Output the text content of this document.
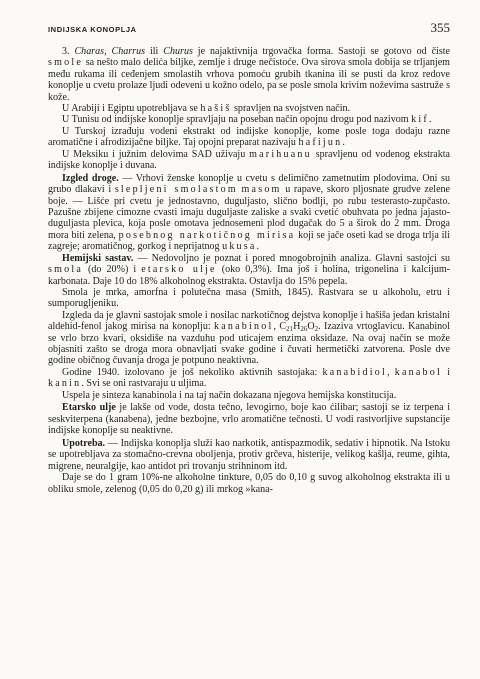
INDIJSKA KONOPLJA	355

3. Charas, Charrus ili Churus je najaktivnija trgovačka forma. Sastoji se gotovo od čiste smole sa nešto malo delića biljke, zemlje i druge nečistoće. Ova sirova smola dobija se trljanjem među rukama ili ceđenjem smolastih vrhova pomoću grubih tkanina ili se pusti da kroz redove konoplje u cvetu prolaze ljudi odeveni u kožno odelo, pa se posle smola krivim noževima sastruže s kože.

U Arabiji i Egiptu upotrebljava se hašiš spravljen na svojstven način.

U Tunisu od indijske konoplje spravljaju na poseban način opojnu drogu pod nazivom kif.

U Turskoj izrađuju vodeni ekstrakt od indijske konoplje, kome posle toga dodaju razne aromatične i afrodizijačne biljke. Taj opojni preparat nazivaju hafijun.

U Meksiku i južnim delovima SAD uživaju marihuanu spravljenu od vodenog ekstrakta indijske konoplje i duvana.

Izgled droge. — Vrhovi ženske konoplje u cvetu s delimično zametnutim plodovima. Oni su grubo dlakavi i slepljeni smolastom masom u rapave, skoro pljosnate grudve zelene boje. — Lišće pri cvetu je jednostavno, duguljasto, slično bodlji, po rubu testerasto-zupčasto. Pazušne zbijene cimozne cvasti imaju duguljaste zaliske a svaki cvetić obuhvata po jedna jajasto-duguljasta plevica, koja posle omotava jednosemeni plod dugačak do 5 a širok do 2 mm. Droga mora biti zelena, posebnog narkotičnog mirisa koji se jače oseti kad se droga trlja ili zagreje; aromatičnog, gorkog i neprijatnog ukusa.

Hemijski sastav. — Nedovoljno je poznat i pored mnogobrojnih analiza. Glavni sastojci su smola (do 20%) i etarsko ulje (oko 0,3%). Ima još i holina, trigonelina i kalcijum-karbonata. Daje 10 do 18% alkoholnog ekstrakta. Ostavlja do 15% pepela.

Smola je mrka, amorfna i polutečna masa (Smith, 1845). Rastvara se u alkoholu, etru i sumporugljeniku.

Izgleda da je glavni sastojak smole i nosilac narkotičnog dejstva konoplje i hašiša jedan kristalni aldehid-fenol jakog mirisa na konoplju: kanabinol, $C_{21}H_{26}O_2$. Izaziva vrtoglavicu. Kanabinol se vrlo brzo kvari, oksidiše na vazduhu pod uticajem enzima oksidaze. Na ovaj način se može objasniti zašto se droga mora obnavljati svake godine i čuvati hermetički zatvorena. Posle dve godine običnog čuvanja droga je potpuno neaktivna.

Godine 1940. izolovano je još nekoliko aktivnih sastojaka: kanabidiol, kanabol i kanin. Svi se oni rastvaraju u uljima.

Uspela je sinteza kanabinola i na taj način dokazana njegova hemijska konstitucija.

Etarsko ulje je lakše od vode, dosta tečno, levogirno, boje kao ćilibar; sastoji se iz terpena i seskviterpena (kanabena), jedne bezbojne, vrlo aromatične tečnosti. U vodi rastvorljive supstancije indijske konoplje su neaktivne.

Upotreba. — Indijska konoplja služi kao narkotik, antispazmodik, sedativ i hipnotik. Na Istoku se upotrebljava za stomačno-crevna oboljenja, protiv grčeva, histerije, velikog kašlja, reume, gihta, migrene, neuralgije, kao antidot pri trovanju strihninom itd.

Daje se do 1 gram 10%-ne alkoholne tinkture, 0,05 do 0,10 g suvog alkoholnog ekstrakta ili u obliku smole, zelenog (0,05 do 0,20 g) ili mrkog »kana-
